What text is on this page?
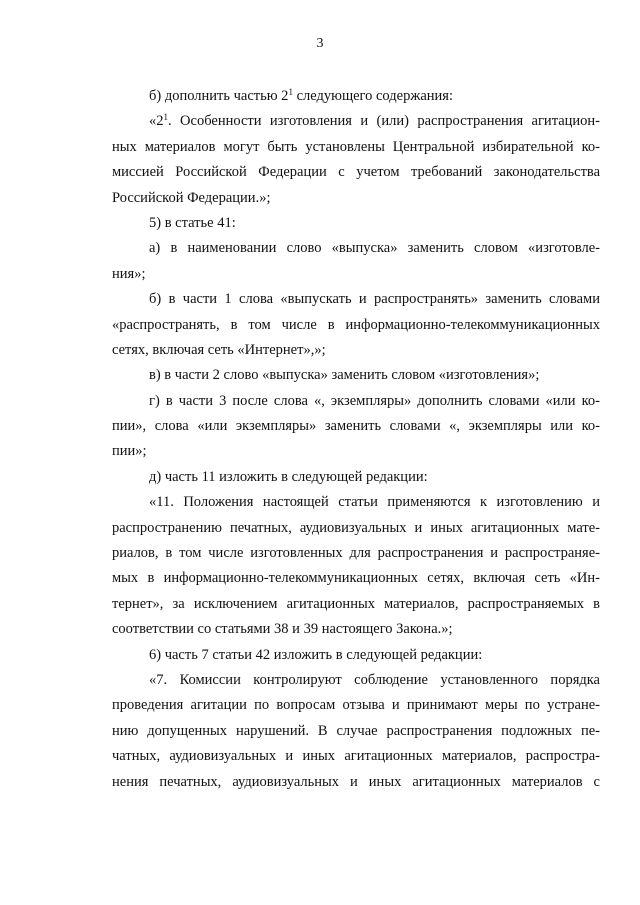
3
б) дополнить частью $2^1$ следующего содержания:
«$2^1$. Особенности изготовления и (или) распространения агитацион-
ных материалов могут быть установлены Центральной избирательной ко-
миссией Российской Федерации с учетом требований законодательства
Российской Федерации.»;
5) в статье 41:
а) в наименовании слово «выпуска» заменить словом «изготовле-
ния»;
б) в части 1 слова «выпускать и распространять» заменить словами
«распространять, в том числе в информационно-телекоммуникационных
сетях, включая сеть «Интернет»,»;
в) в части 2 слово «выпуска» заменить словом «изготовления»;
г) в части 3 после слова «, экземпляры» дополнить словами «или ко-
пии», слова «или экземпляры» заменить словами «, экземпляры или ко-
пии»;
д) часть 11 изложить в следующей редакции:
«11. Положения настоящей статьи применяются к изготовлению и
распространению печатных, аудиовизуальных и иных агитационных мате-
риалов, в том числе изготовленных для распространения и распространяе-
мых в информационно-телекоммуникационных сетях, включая сеть «Ин-
тернет», за исключением агитационных материалов, распространяемых в
соответствии со статьями 38 и 39 настоящего Закона.»;
6) часть 7 статьи 42 изложить в следующей редакции:
«7. Комиссии контролируют соблюдение установленного порядка
проведения агитации по вопросам отзыва и принимают меры по устране-
нию допущенных нарушений. В случае распространения подложных пе-
чатных, аудиовизуальных и иных агитационных материалов, распростра-
нения печатных, аудиовизуальных и иных агитационных материалов с
